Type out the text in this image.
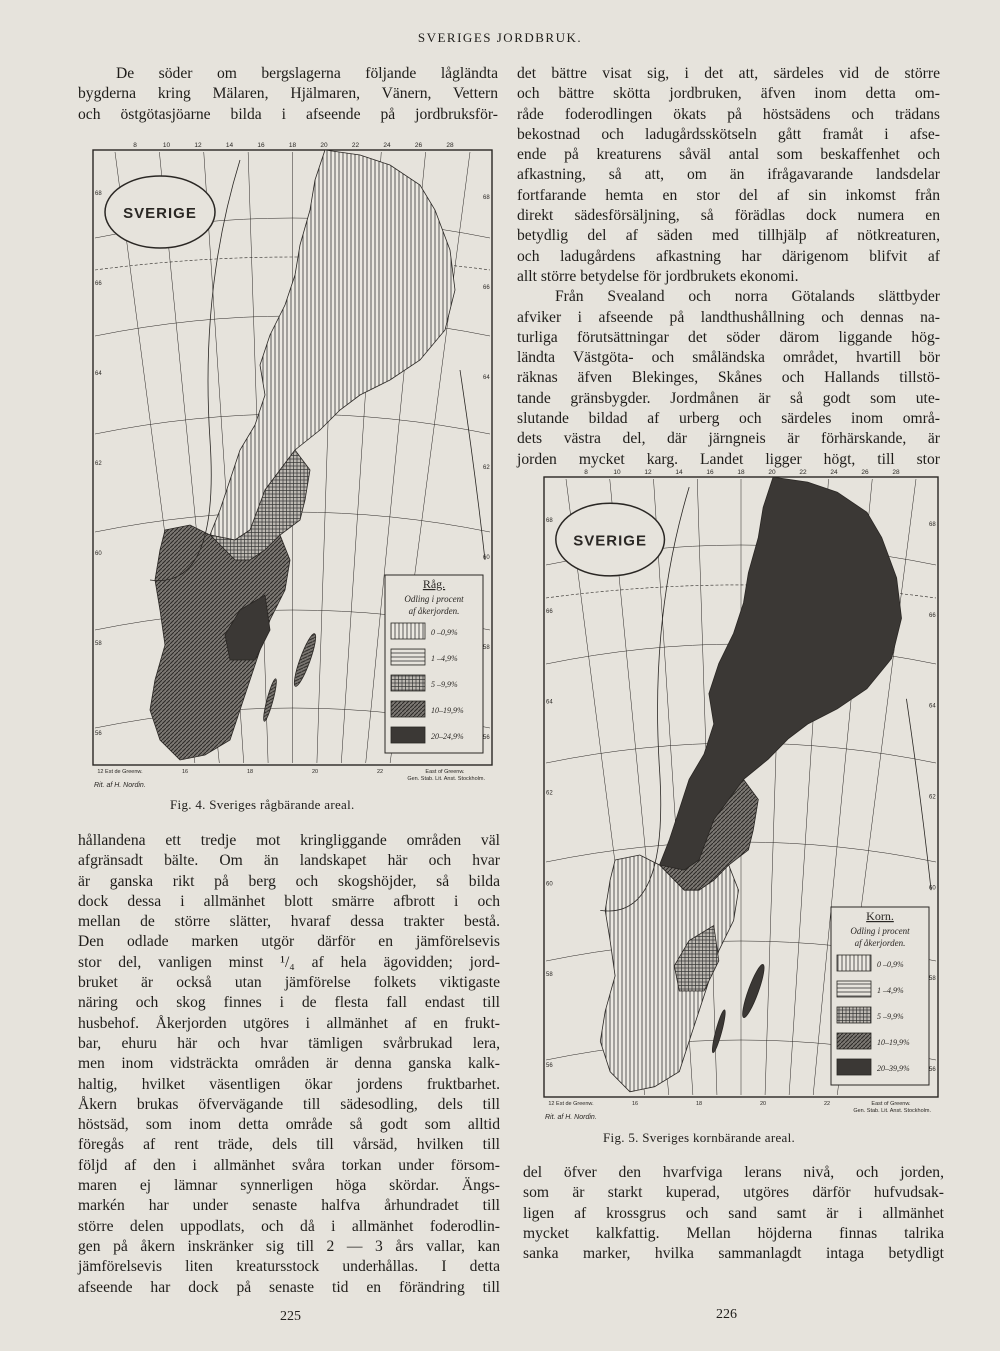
SVERIGES JORDBRUK.

De söder om bergslagerna följande lågländta

bygderna kring Mälaren, Hjälmaren, Vänern, Vettern

och östgötasjöarne bilda i afseende på jordbruksför-

det bättre visat sig, i det att, särdeles vid de större

och bättre skötta jordbruken, äfven inom detta om-

råde foderodlingen ökats på höstsädens och trädans

bekostnad och ladugårdsskötseln gått framåt i afse-

ende på kreaturens såväl antal som beskaffenhet och

afkastning, så att, om än ifrågavarande landsdelar

fortfarande hemta en stor del af sin inkomst från

direkt sädesförsäljning, så förädlas dock numera en

betydlig del af säden med tillhjälp af nötkreaturen,

och ladugårdens afkastning har därigenom blifvit af

allt större betydelse för jordbrukets ekonomi.

Från Svealand och norra Götalands slättbyder

afviker i afseende på landthushållning och dennas na-

turliga förutsättningar det söder därom liggande hög-

ländta Västgöta- och småländska området, hvartill bör

räknas äfven Blekinges, Skånes och Hallands tillstö-

tande gränsbygder. Jordmånen är så godt som ute-

slutande bildad af urberg och särdeles inom områ-

dets västra del, där järngneis är förhärskande, är

jorden mycket karg. Landet ligger högt, till stor

8	10	12	14	16	18	20	22	24	26	28
68
68
66
66
64
64
62
62
60
60
58
58
56
56
SVERIGE
Råg.
Odling i procent
af åkerjorden.
0 –0,9%
1 –4,9%
5 –9,9%
10–19,9%
20–24,9%
12 Est de Greenw.	16	18	20	22	East of Greenw.
Rit. af H. Nordin.
Gen. Stab. Lit. Anst. Stockholm.
Fig. 4. Sveriges rågbärande areal.
8	10	12	14	16	18	20	22	24	26	28
68
68
66
66
64
64
62
62
60
60
58
58
56
56
SVERIGE
Korn.
Odling i procent
af åkerjorden.
0 –0,9%
1 –4,9%
5 –9,9%
10–19,9%
20–39,9%
12 Est de Greenw.	16	18	20	22	East of Greenw.
Rit. af H. Nordin.
Gen. Stab. Lit. Anst. Stockholm.
Fig. 5. Sveriges kornbärande areal.

hållandena ett tredje mot kringliggande områden väl

afgränsadt bälte. Om än landskapet här och hvar

är ganska rikt på berg och skogshöjder, så bilda

dock dessa i allmänhet blott smärre afbrott i och

mellan de större slätter, hvaraf dessa trakter bestå.

Den odlade marken utgör därför en jämförelsevis

stor del, vanligen minst ¹/₄ af hela ägovidden; jord-

bruket är också utan jämförelse folkets viktigaste

näring och skog finnes i de flesta fall endast till

husbehof. Åkerjorden utgöres i allmänhet af en frukt-

bar, ehuru här och hvar tämligen svårbrukad lera,

men inom vidsträckta områden är denna ganska kalk-

haltig, hvilket väsentligen ökar jordens fruktbarhet.

Åkern brukas öfvervägande till sädesodling, dels till

höstsäd, som inom detta område så godt som alltid

föregås af rent träde, dels till vårsäd, hvilken till

följd af den i allmänhet svåra torkan under försom-

maren ej lämnar synnerligen höga skördar. Ängs-

markén har under senaste halfva århundradet till

större delen uppodlats, och då i allmänhet foderodlin-

gen på åkern inskränker sig till 2 — 3 års vallar, kan

jämförelsevis liten kreatursstock underhållas. I detta

afseende har dock på senaste tid en förändring till

del öfver den hvarfviga lerans nivå, och jorden,

som är starkt kuperad, utgöres därför hufvudsak-

ligen af krossgrus och sand samt är i allmänhet

mycket kalkfattig. Mellan höjderna finnas talrika

sanka marker, hvilka sammanlagdt intaga betydligt

225	226
